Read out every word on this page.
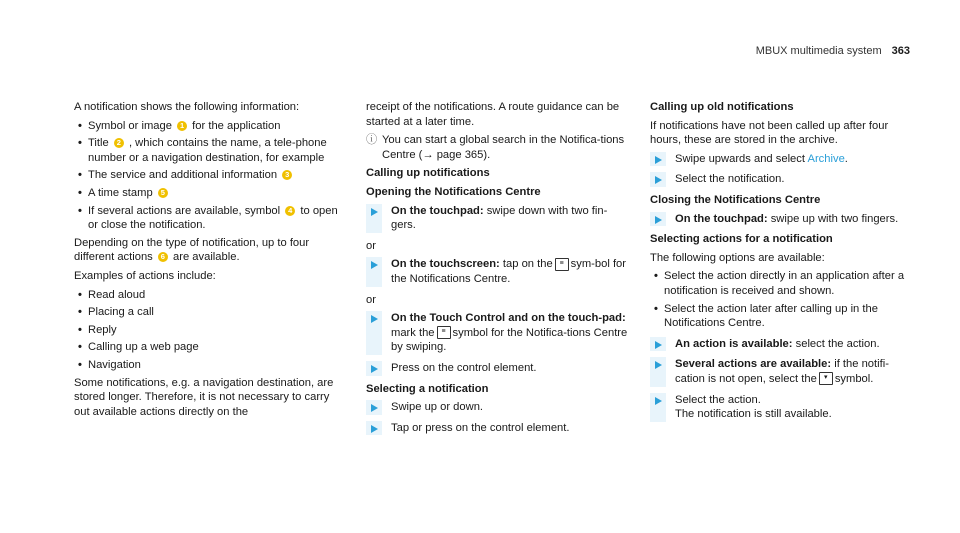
MBUX multimedia system 363

A notification shows the following information:

•
Symbol or image 1 for the application
•
Title 2 , which contains the name, a tele-phone number or a navigation destination, for example
•
The service and additional information 3
•
A time stamp 5
•
If several actions are available, symbol 4 to open or close the notification.

Depending on the type of notification, up to four different actions 6 are available.

Examples of actions include:

•
Read aloud
•
Placing a call
•
Reply
•
Calling up a web page
•
Navigation

Some notifications, e.g. a navigation destination, are stored longer. Therefore, it is not necessary to carry out available actions directly on the

receipt of the notifications. A route guidance can be started at a later time.

ⓘ You can start a global search in the Notifica-tions Centre (→ page 365).
Calling up notifications
Opening the Notifications Centre
On the touchpad: swipe down with two fin-gers.

or

On the touchscreen: tap on the ≡ sym-bol for the Notifications Centre.

or

On the Touch Control and on the touch-pad: mark the ≡ symbol for the Notifica-tions Centre by swiping.
Press on the control element.
Selecting a notification
Swipe up or down.
Tap or press on the control element.
Calling up old notifications

If notifications have not been called up after four hours, these are stored in the archive.

Swipe upwards and select Archive.
Select the notification.
Closing the Notifications Centre
On the touchpad: swipe up with two fingers.
Selecting actions for a notification

The following options are available:

•
Select the action directly in an application after a notification is received and shown.
•
Select the action later after calling up in the Notifications Centre.
An action is available: select the action.
Several actions are available: if the notifi-cation is not open, select the ▾ symbol.
Select the action.
The notification is still available.
